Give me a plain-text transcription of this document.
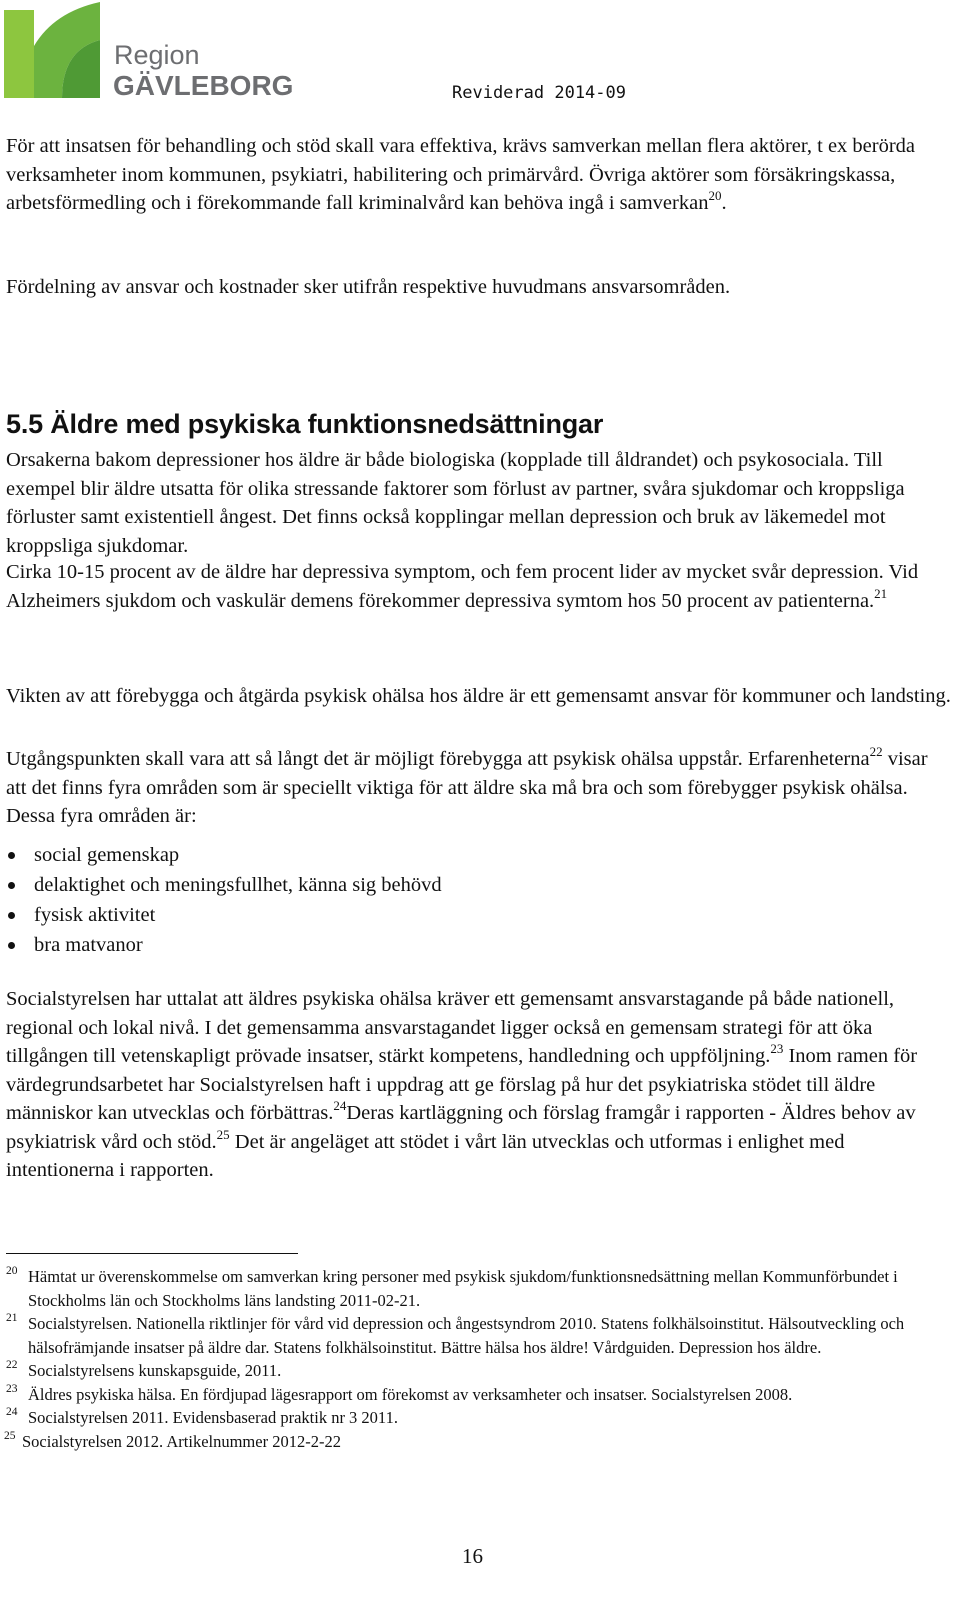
Region
GÄVLEBORG	Reviderad 2014-09

För att insatsen för behandling och stöd skall vara effektiva, krävs samverkan mellan flera aktörer, t ex berörda verksamheter inom kommunen, psykiatri, habilitering och primärvård. Övriga aktörer som försäkringskassa, arbetsförmedling och i förekommande fall kriminalvård kan behöva ingå i samverkan$^{20}$.

Fördelning av ansvar och kostnader sker utifrån respektive huvudmans ansvarsområden.

5.5 Äldre med psykiska funktionsnedsättningar

Orsakerna bakom depressioner hos äldre är både biologiska (kopplade till åldrandet) och psykosociala. Till exempel blir äldre utsatta för olika stressande faktorer som förlust av partner, svåra sjukdomar och kroppsliga förluster samt existentiell ångest. Det finns också kopplingar mellan depression och bruk av läkemedel mot kroppsliga sjukdomar.

Cirka 10-15 procent av de äldre har depressiva symptom, och fem procent lider av mycket svår depression. Vid Alzheimers sjukdom och vaskulär demens förekommer depressiva symtom hos 50 procent av patienterna.$^{21}$

Vikten av att förebygga och åtgärda psykisk ohälsa hos äldre är ett gemensamt ansvar för kommuner och landsting.

Utgångspunkten skall vara att så långt det är möjligt förebygga att psykisk ohälsa uppstår. Erfarenheterna$^{22}$ visar att det finns fyra områden som är speciellt viktiga för att äldre ska må bra och som förebygger psykisk ohälsa. Dessa fyra områden är:

social gemenskap
delaktighet och meningsfullhet, känna sig behövd
fysisk aktivitet
bra matvanor

Socialstyrelsen har uttalat att äldres psykiska ohälsa kräver ett gemensamt ansvarstagande på både nationell, regional och lokal nivå. I det gemensamma ansvarstagandet ligger också en gemensam strategi för att öka tillgången till vetenskapligt prövade insatser, stärkt kompetens, handledning och uppföljning.$^{23}$ Inom ramen för värdegrundsarbetet har Socialstyrelsen haft i uppdrag att ge förslag på hur det psykiatriska stödet till äldre människor kan utvecklas och förbättras.$^{24}$Deras kartläggning och förslag framgår i rapporten - Äldres behov av psykiatrisk vård och stöd.$^{25}$ Det är angeläget att stödet i vårt län utvecklas och utformas i enlighet med intentionerna i rapporten.

20 Hämtat ur överenskommelse om samverkan kring personer med psykisk sjukdom/funktionsnedsättning mellan Kommunförbundet i Stockholms län och Stockholms läns landsting 2011-02-21.
21 Socialstyrelsen. Nationella riktlinjer för vård vid depression och ångestsyndrom 2010. Statens folkhälsoinstitut. Hälsoutveckling och hälsofrämjande insatser på äldre dar. Statens folkhälsoinstitut. Bättre hälsa hos äldre! Vårdguiden. Depression hos äldre.
22 Socialstyrelsens kunskapsguide, 2011.
23 Äldres psykiska hälsa. En fördjupad lägesrapport om förekomst av verksamheter och insatser. Socialstyrelsen 2008.
24 Socialstyrelsen 2011. Evidensbaserad praktik nr 3 2011.
25 Socialstyrelsen 2012. Artikelnummer 2012-2-22
16
